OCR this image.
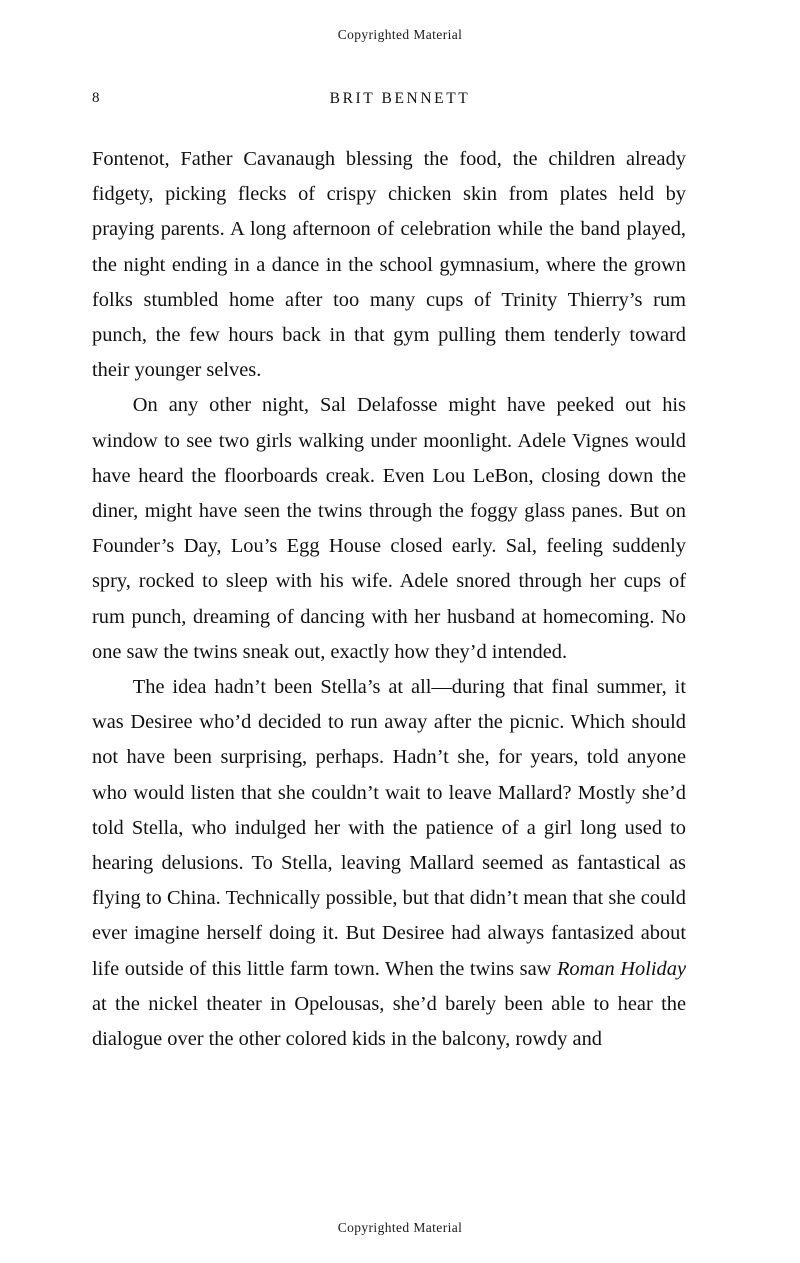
Copyrighted Material
8	BRIT BENNETT

Fontenot, Father Cavanaugh blessing the food, the children already fidgety, picking flecks of crispy chicken skin from plates held by praying parents. A long afternoon of celebration while the band played, the night ending in a dance in the school gymnasium, where the grown folks stumbled home after too many cups of Trinity Thierry’s rum punch, the few hours back in that gym pulling them tenderly toward their younger selves.

On any other night, Sal Delafosse might have peeked out his window to see two girls walking under moonlight. Adele Vignes would have heard the floorboards creak. Even Lou LeBon, closing down the diner, might have seen the twins through the foggy glass panes. But on Founder’s Day, Lou’s Egg House closed early. Sal, feeling suddenly spry, rocked to sleep with his wife. Adele snored through her cups of rum punch, dreaming of dancing with her husband at homecoming. No one saw the twins sneak out, exactly how they’d intended.

The idea hadn’t been Stella’s at all—during that final summer, it was Desiree who’d decided to run away after the picnic. Which should not have been surprising, perhaps. Hadn’t she, for years, told anyone who would listen that she couldn’t wait to leave Mallard? Mostly she’d told Stella, who indulged her with the patience of a girl long used to hearing delusions. To Stella, leaving Mallard seemed as fantastical as flying to China. Technically possible, but that didn’t mean that she could ever imagine herself doing it. But Desiree had always fantasized about life outside of this little farm town. When the twins saw Roman Holiday at the nickel theater in Opelousas, she’d barely been able to hear the dialogue over the other colored kids in the balcony, rowdy and

Copyrighted Material
